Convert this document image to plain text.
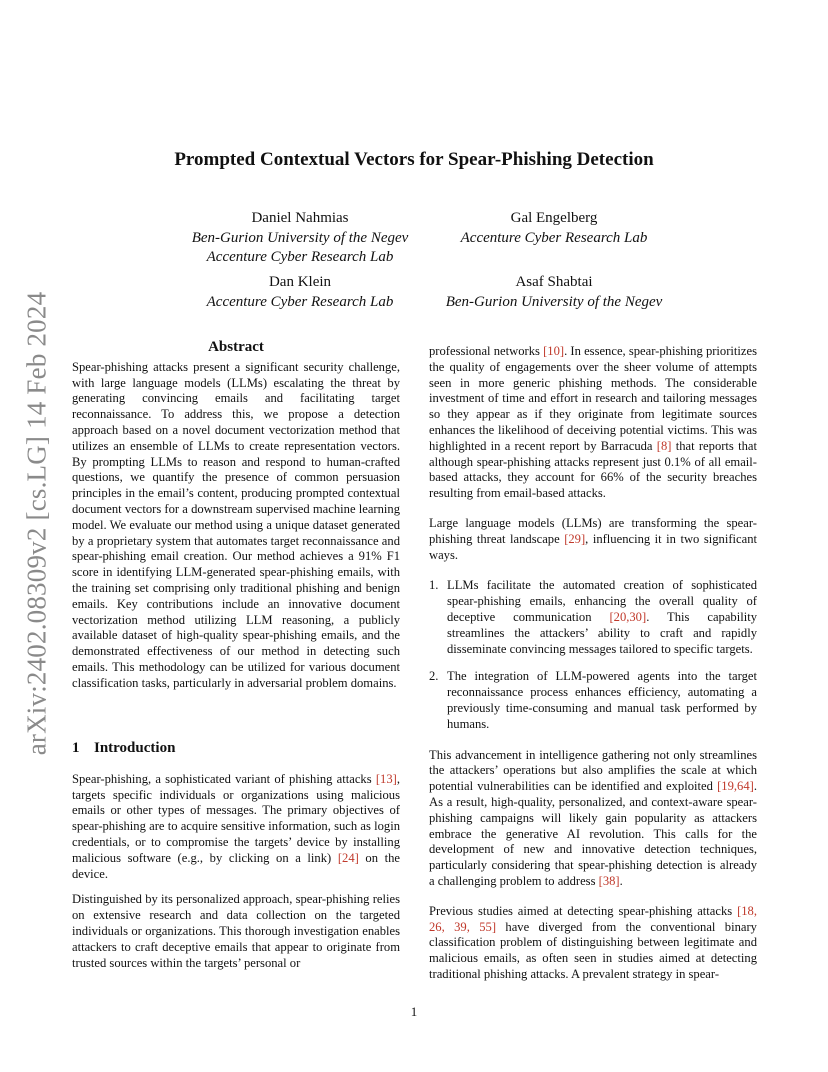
arXiv:2402.08309v2 [cs.LG] 14 Feb 2024
Prompted Contextual Vectors for Spear-Phishing Detection
Daniel Nahmias
Ben-Gurion University of the Negev
Accenture Cyber Research Lab
Gal Engelberg
Accenture Cyber Research Lab
Dan Klein
Accenture Cyber Research Lab
Asaf Shabtai
Ben-Gurion University of the Negev

Abstract

Spear-phishing attacks present a significant security challenge, with large language models (LLMs) escalating the threat by generating convincing emails and facilitating target reconnaissance. To address this, we propose a detection approach based on a novel document vectorization method that utilizes an ensemble of LLMs to create representation vectors. By prompting LLMs to reason and respond to human-crafted questions, we quantify the presence of common persuasion principles in the email’s content, producing prompted contextual document vectors for a downstream supervised machine learning model. We evaluate our method using a unique dataset generated by a proprietary system that automates target reconnaissance and spear-phishing email creation. Our method achieves a 91% F1 score in identifying LLM-generated spear-phishing emails, with the training set comprising only traditional phishing and benign emails. Key contributions include an innovative document vectorization method utilizing LLM reasoning, a publicly available dataset of high-quality spear-phishing emails, and the demonstrated effectiveness of our method in detecting such emails. This methodology can be utilized for various document classification tasks, particularly in adversarial problem domains.

1 Introduction

Spear-phishing, a sophisticated variant of phishing attacks [13], targets specific individuals or organizations using malicious emails or other types of messages. The primary objectives of spear-phishing are to acquire sensitive information, such as login credentials, or to compromise the targets’ device by installing malicious software (e.g., by clicking on a link) [24] on the device.

Distinguished by its personalized approach, spear-phishing relies on extensive research and data collection on the targeted individuals or organizations. This thorough investigation enables attackers to craft deceptive emails that appear to originate from trusted sources within the targets’ personal or

professional networks [10]. In essence, spear-phishing prioritizes the quality of engagements over the sheer volume of attempts seen in more generic phishing methods. The considerable investment of time and effort in research and tailoring messages so they appear as if they originate from legitimate sources enhances the likelihood of deceiving potential victims. This was highlighted in a recent report by Barracuda [8] that reports that although spear-phishing attacks represent just 0.1% of all email-based attacks, they account for 66% of the security breaches resulting from email-based attacks.

Large language models (LLMs) are transforming the spear-phishing threat landscape [29], influencing it in two significant ways.

1. LLMs facilitate the automated creation of sophisticated spear-phishing emails, enhancing the overall quality of deceptive communication [20,30]. This capability streamlines the attackers’ ability to craft and rapidly disseminate convincing messages tailored to specific targets.
2. The integration of LLM-powered agents into the target reconnaissance process enhances efficiency, automating a previously time-consuming and manual task performed by humans.

This advancement in intelligence gathering not only streamlines the attackers’ operations but also amplifies the scale at which potential vulnerabilities can be identified and exploited [19,64]. As a result, high-quality, personalized, and context-aware spear-phishing campaigns will likely gain popularity as attackers embrace the generative AI revolution. This calls for the development of new and innovative detection techniques, particularly considering that spear-phishing detection is already a challenging problem to address [38].

Previous studies aimed at detecting spear-phishing attacks [18, 26, 39, 55] have diverged from the conventional binary classification problem of distinguishing between legitimate and malicious emails, as often seen in studies aimed at detecting traditional phishing attacks. A prevalent strategy in spear-

1
